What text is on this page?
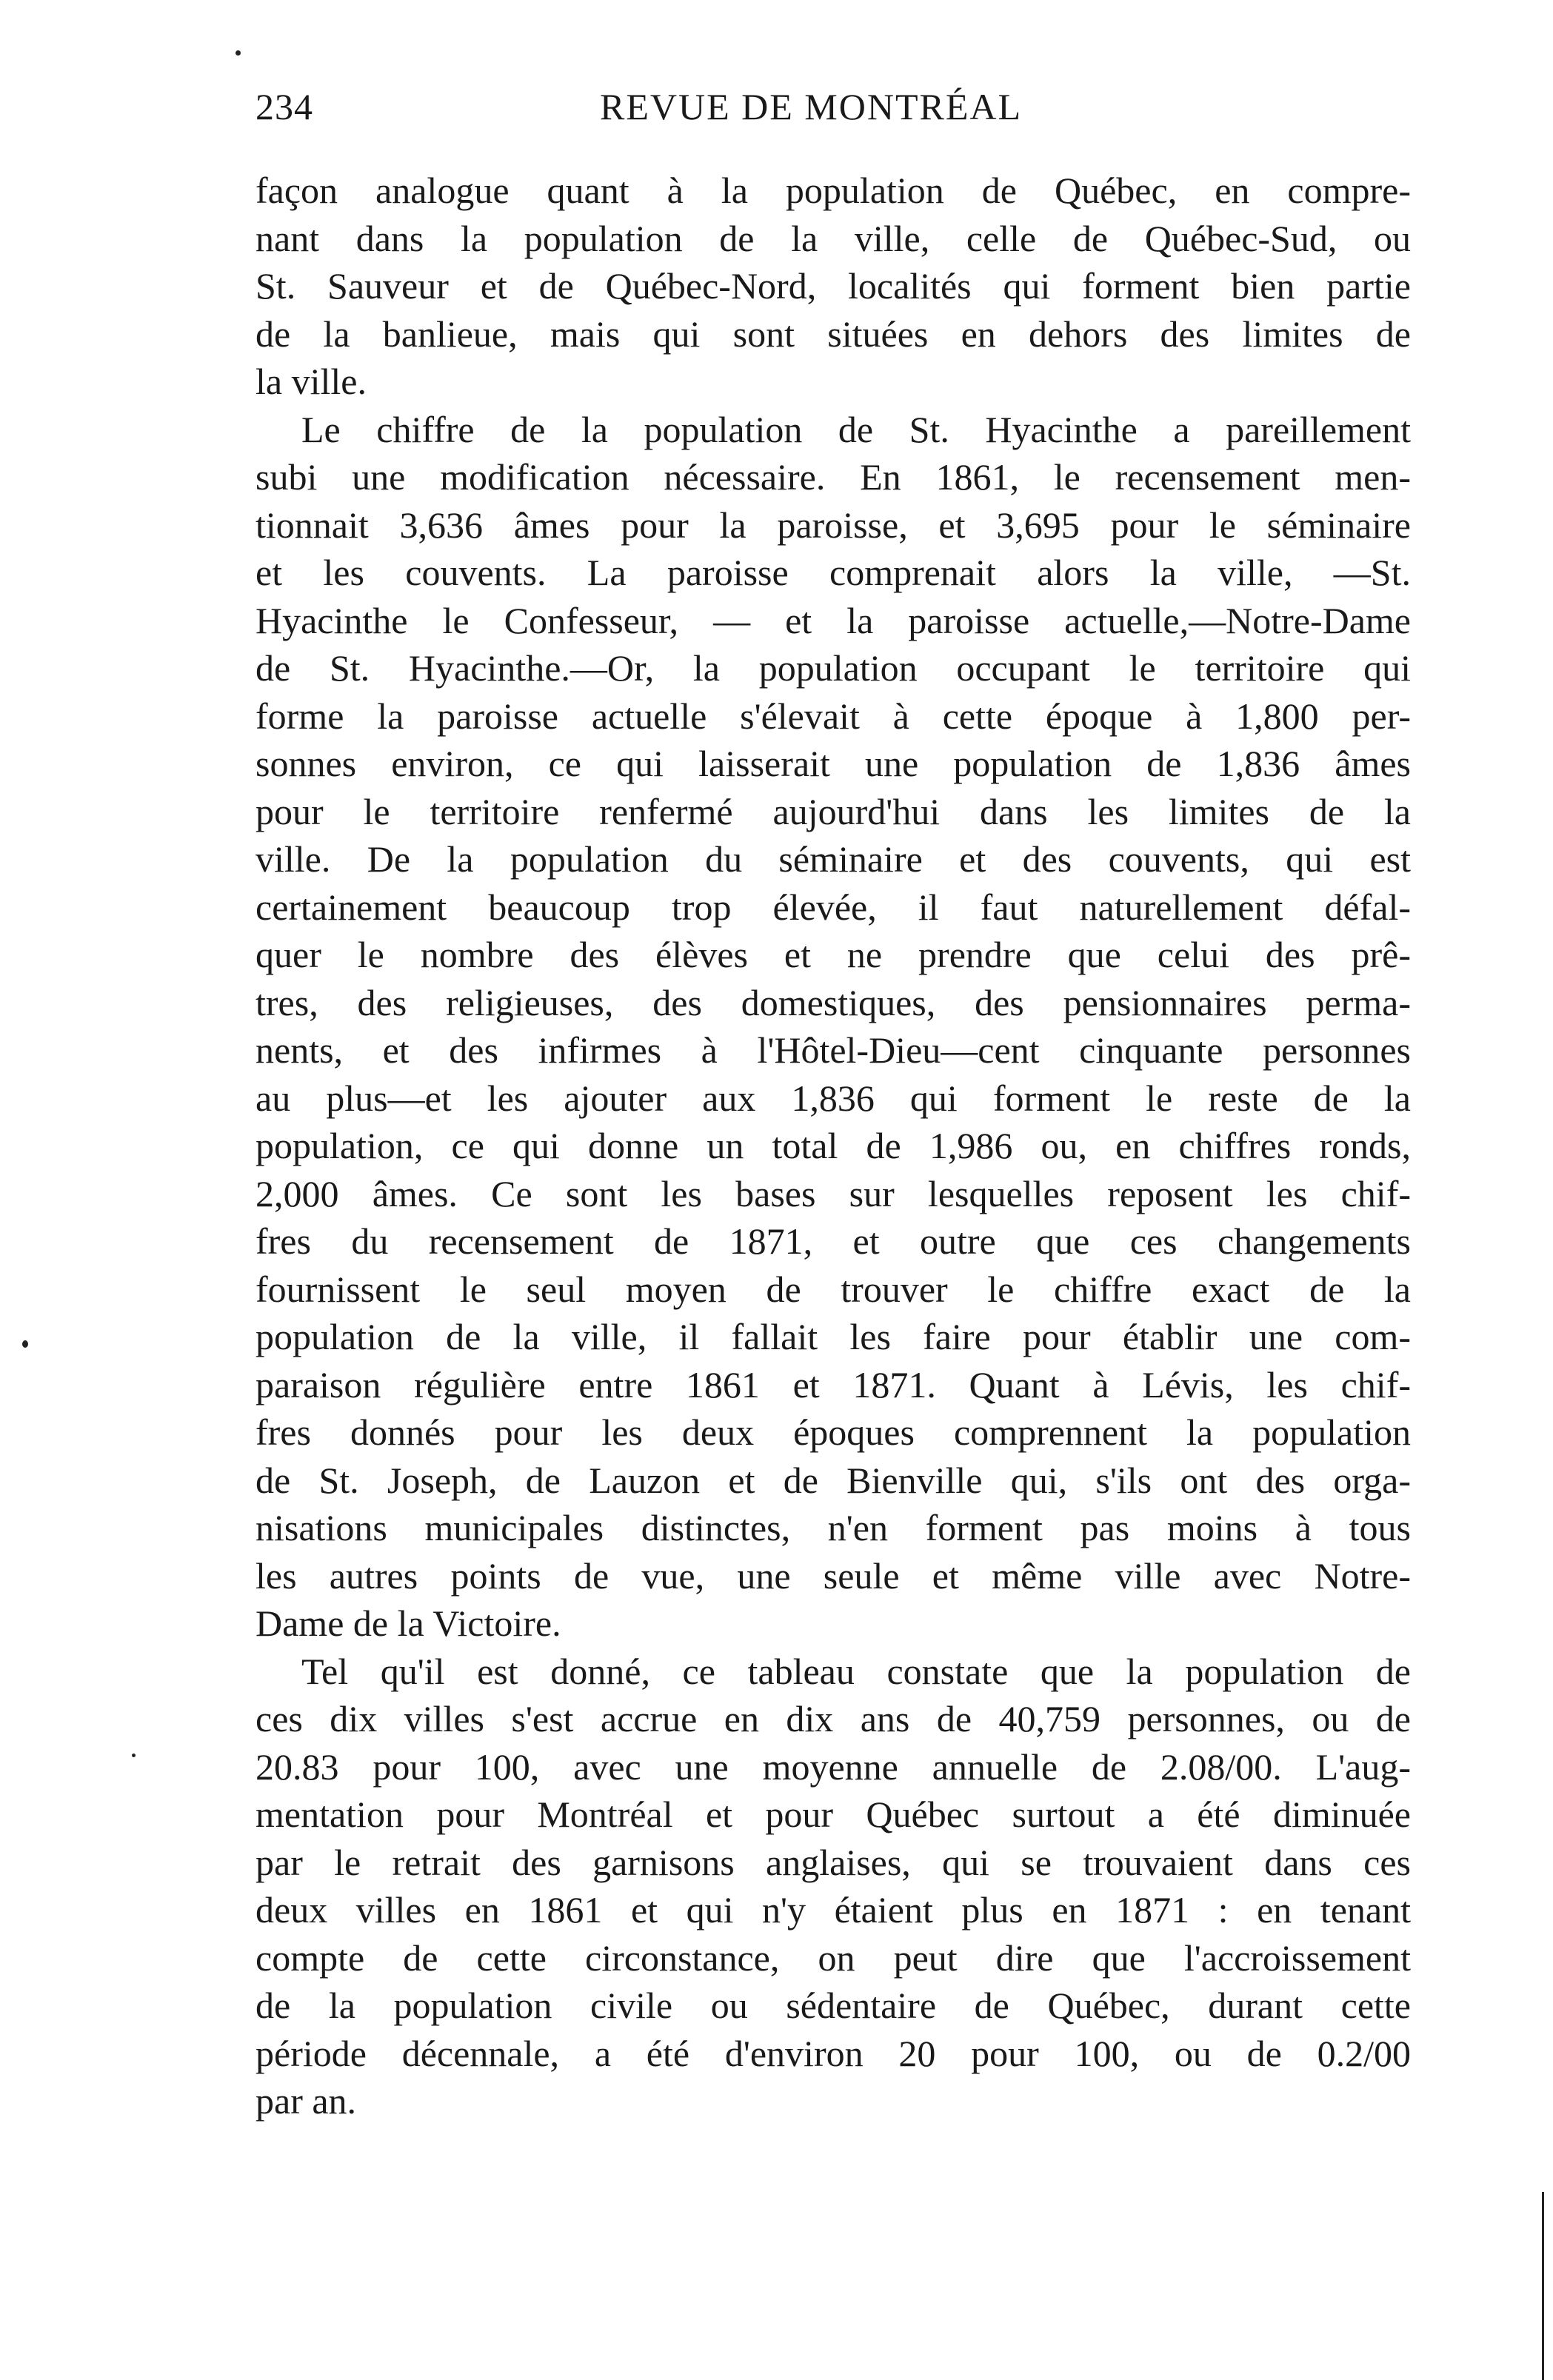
234	REVUE DE MONTRÉAL
façon analogue quant à la population de Québec, en compre-
nant dans la population de la ville, celle de Québec-Sud, ou
St. Sauveur et de Québec-Nord, localités qui forment bien partie
de la banlieue, mais qui sont situées en dehors des limites de
la ville.
Le chiffre de la population de St. Hyacinthe a pareillement
subi une modification nécessaire. En 1861, le recensement men-
tionnait 3,636 âmes pour la paroisse, et 3,695 pour le séminaire
et les couvents. La paroisse comprenait alors la ville, —St.
Hyacinthe le Confesseur, — et la paroisse actuelle,—Notre-Dame
de St. Hyacinthe.—Or, la population occupant le territoire qui
forme la paroisse actuelle s'élevait à cette époque à 1,800 per-
sonnes environ, ce qui laisserait une population de 1,836 âmes
pour le territoire renfermé aujourd'hui dans les limites de la
ville. De la population du séminaire et des couvents, qui est
certainement beaucoup trop élevée, il faut naturellement défal-
quer le nombre des élèves et ne prendre que celui des prê-
tres, des religieuses, des domestiques, des pensionnaires perma-
nents, et des infirmes à l'Hôtel-Dieu—cent cinquante personnes
au plus—et les ajouter aux 1,836 qui forment le reste de la
population, ce qui donne un total de 1,986 ou, en chiffres ronds,
2,000 âmes. Ce sont les bases sur lesquelles reposent les chif-
fres du recensement de 1871, et outre que ces changements
fournissent le seul moyen de trouver le chiffre exact de la
population de la ville, il fallait les faire pour établir une com-
paraison régulière entre 1861 et 1871. Quant à Lévis, les chif-
fres donnés pour les deux époques comprennent la population
de St. Joseph, de Lauzon et de Bienville qui, s'ils ont des orga-
nisations municipales distinctes, n'en forment pas moins à tous
les autres points de vue, une seule et même ville avec Notre-
Dame de la Victoire.
Tel qu'il est donné, ce tableau constate que la population de
ces dix villes s'est accrue en dix ans de 40,759 personnes, ou de
20.83 pour 100, avec une moyenne annuelle de 2.08/00. L'aug-
mentation pour Montréal et pour Québec surtout a été diminuée
par le retrait des garnisons anglaises, qui se trouvaient dans ces
deux villes en 1861 et qui n'y étaient plus en 1871 : en tenant
compte de cette circonstance, on peut dire que l'accroissement
de la population civile ou sédentaire de Québec, durant cette
période décennale, a été d'environ 20 pour 100, ou de 0.2/00
par an.
